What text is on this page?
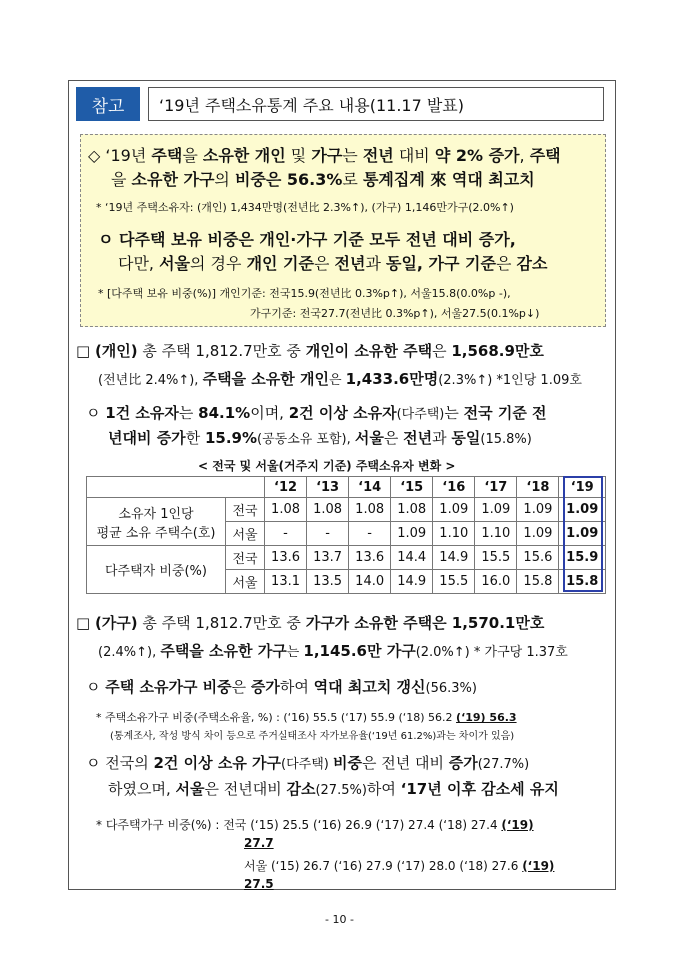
참고	‘19년 주택소유통계 주요 내용(11.17 발표)
◇ ‘19년 주택을 소유한 개인 및 가구는 전년 대비 약 2% 증가, 주택
을 소유한 가구의 비중은 56.3%로 통계집계 來 역대 최고치
* ‘19년 주택소유자: (개인) 1,434만명(전년比 2.3%↑), (가구) 1,146만가구(2.0%↑)
ㅇ 다주택 보유 비중은 개인·가구 기준 모두 전년 대비 증가,
다만, 서울의 경우 개인 기준은 전년과 동일, 가구 기준은 감소
* [다주택 보유 비중(%)] 개인기준: 전국15.9(전년比 0.3%p↑), 서울15.8(0.0%p -),
가구기준: 전국27.7(전년比 0.3%p↑), 서울27.5(0.1%p↓)
□ (개인) 총 주택 1,812.7만호 중 개인이 소유한 주택은 1,568.9만호
(전년比 2.4%↑), 주택을 소유한 개인은 1,433.6만명(2.3%↑) *1인당 1.09호
ㅇ 1건 소유자는 84.1%이며, 2건 이상 소유자(다주택)는 전국 기준 전
년대비 증가한 15.9%(공동소유 포함), 서울은 전년과 동일(15.8%)
< 전국 및 서울(거주지 기준) 주택소유자 변화 >
		‘12	‘13	‘14	‘15	‘16	‘17	‘18	‘19
소유자 1인당
평균 소유 주택수(호)	전국	1.08	1.08	1.08	1.08	1.09	1.09	1.09	1.09
	서울	-	-	-	1.09	1.10	1.10	1.09	1.09
다주택자 비중(%)	전국	13.6	13.7	13.6	14.4	14.9	15.5	15.6	15.9
	서울	13.1	13.5	14.0	14.9	15.5	16.0	15.8	15.8
□ (가구) 총 주택 1,812.7만호 중 가구가 소유한 주택은 1,570.1만호
(2.4%↑), 주택을 소유한 가구는 1,145.6만 가구(2.0%↑) * 가구당 1.37호
ㅇ 주택 소유가구 비중은 증가하여 역대 최고치 갱신(56.3%)
* 주택소유가구 비중(주택소유율, %) : (‘16) 55.5 (‘17) 55.9 (‘18) 56.2 (‘19) 56.3
(통계조사, 작성 방식 차이 등으로 주거실태조사 자가보유율(‘19년 61.2%)과는 차이가 있음)
ㅇ 전국의 2건 이상 소유 가구(다주택) 비중은 전년 대비 증가(27.7%)
하였으며, 서울은 전년대비 감소(27.5%)하여 ‘17년 이후 감소세 유지
* 다주택가구 비중(%) : 전국 (‘15) 25.5 (‘16) 26.9 (‘17) 27.4 (‘18) 27.4 (‘19)
27.7
서울 (‘15) 26.7 (‘16) 27.9 (‘17) 28.0 (‘18) 27.6 (‘19)
27.5
- 10 -
